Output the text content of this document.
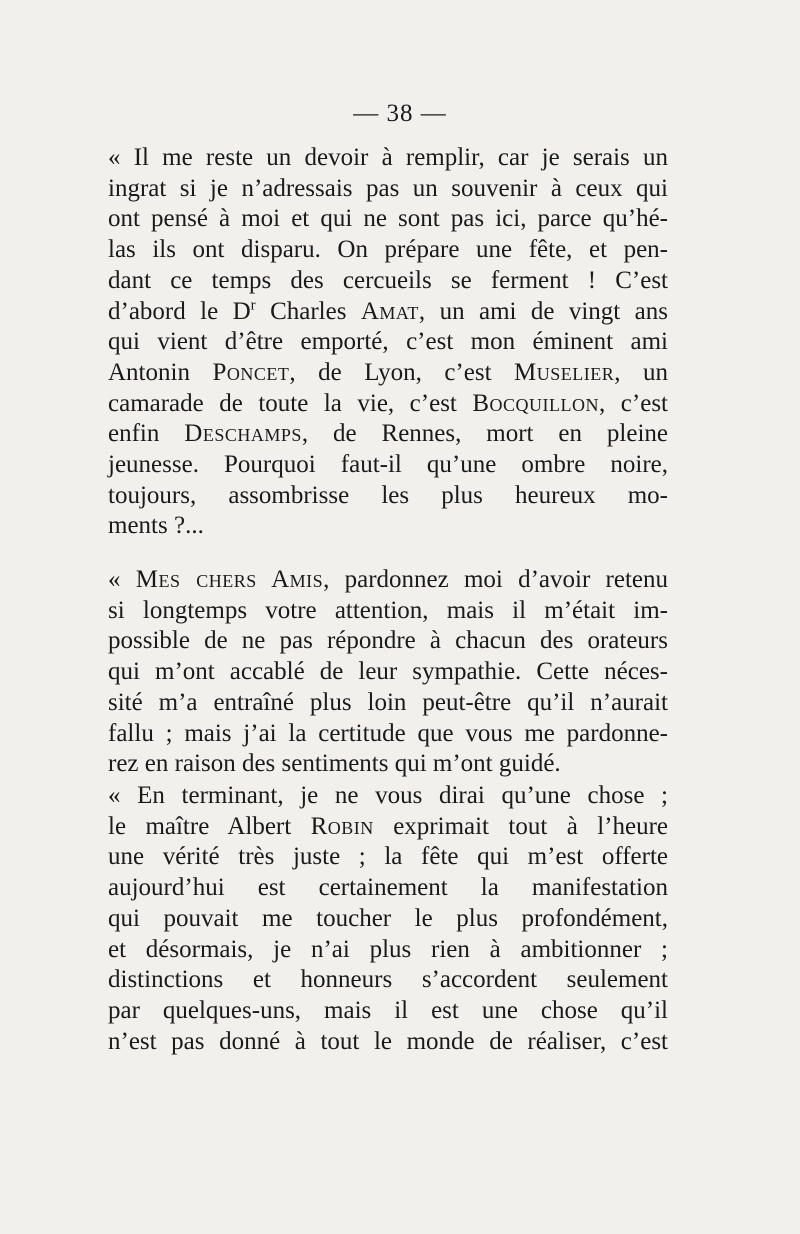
— 38 —
« Il me reste un devoir à remplir, car je serais un
ingrat si je n’adressais pas un souvenir à ceux qui
ont pensé à moi et qui ne sont pas ici, parce qu’hé-
las ils ont disparu. On prépare une fête, et pen-
dant ce temps des cercueils se ferment ! C’est
d’abord le $D^r$ Charles Amat, un ami de vingt ans
qui vient d’être emporté, c’est mon éminent ami
Antonin Poncet, de Lyon, c’est Muselier, un
camarade de toute la vie, c’est Bocquillon, c’est
enfin Deschamps, de Rennes, mort en pleine
jeunesse. Pourquoi faut-il qu’une ombre noire,
toujours, assombrisse les plus heureux mo-
ments ?...
« Mes chers Amis, pardonnez moi d’avoir retenu
si longtemps votre attention, mais il m’était im-
possible de ne pas répondre à chacun des orateurs
qui m’ont accablé de leur sympathie. Cette néces-
sité m’a entraîné plus loin peut-être qu’il n’aurait
fallu ; mais j’ai la certitude que vous me pardonne-
rez en raison des sentiments qui m’ont guidé.
« En terminant, je ne vous dirai qu’une chose ;
le maître Albert Robin exprimait tout à l’heure
une vérité très juste ; la fête qui m’est offerte
aujourd’hui est certainement la manifestation
qui pouvait me toucher le plus profondément,
et désormais, je n’ai plus rien à ambitionner ;
distinctions et honneurs s’accordent seulement
par quelques-uns, mais il est une chose qu’il
n’est pas donné à tout le monde de réaliser, c’est
